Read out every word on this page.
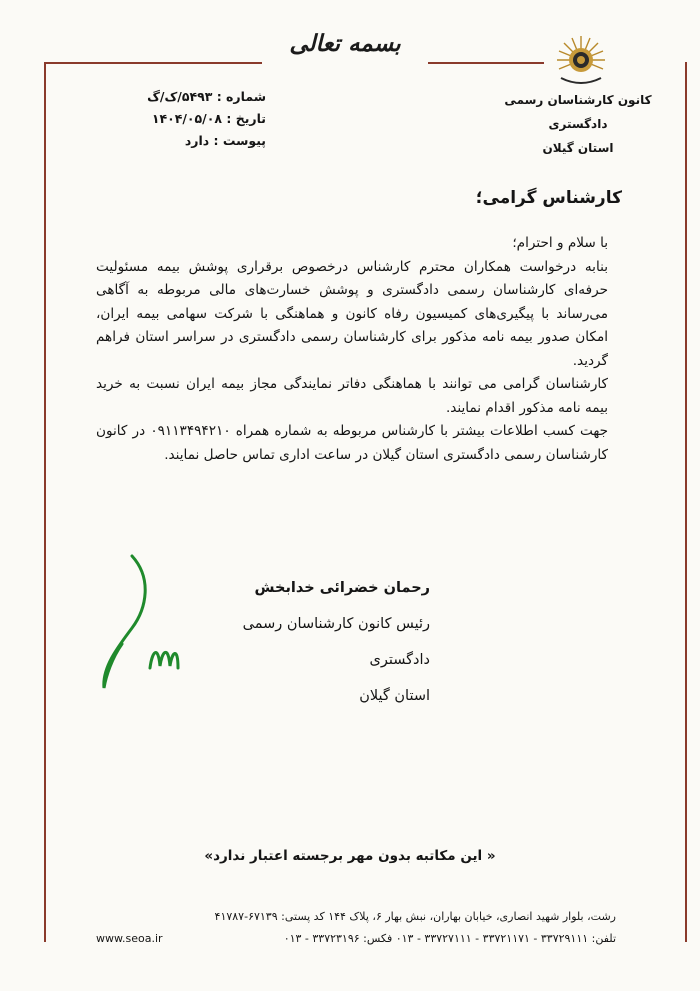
بسمه تعالی
کانون کارشناسان رسمی دادگستری
استان گیلان
شماره : ۵۴۹۳/ک/گ
تاریخ : ۱۴۰۴/۰۵/۰۸
پیوست : دارد
کارشناس گرامی؛

با سلام و احترام؛

بنابه درخواست همکاران محترم کارشناس درخصوص برقراری پوشش بیمه مسئولیت حرفه‌ای کارشناسان رسمی دادگستری و پوشش خسارت‌های مالی مربوطه به آگاهی می‌رساند با پیگیری‌های کمیسیون رفاه کانون و هماهنگی با شرکت سهامی بیمه ایران، امکان صدور بیمه نامه مذکور برای کارشناسان رسمی دادگستری در سراسر استان فراهم گردید.

کارشناسان گرامی می توانند با هماهنگی دفاتر نمایندگی مجاز بیمه ایران نسبت به خرید بیمه نامه مذکور اقدام نمایند.

جهت کسب اطلاعات بیشتر با کارشناس مربوطه به شماره همراه ۰۹۱۱۳۴۹۴۲۱۰ در کانون کارشناسان رسمی دادگستری استان گیلان در ساعت اداری تماس حاصل نمایند.

رحمان خضرائی خدابخش
رئیس کانون کارشناسان رسمی دادگستری
استان گیلان
« این مکاتبه بدون مهر برجسته اعتبار ندارد»
رشت، بلوار شهید انصاری، خیابان بهاران، نبش بهار ۶، پلاک ۱۴۴ کد پستی: ۶۷۱۳۹-۴۱۷۸۷
تلفن: ۳۳۷۲۹۱۱۱ - ۳۳۷۲۱۱۷۱ - ۳۳۷۲۷۱۱۱ - ۰۱۳ فکس: ۳۳۷۲۳۱۹۶ - ۰۱۳
www.seoa.ir
